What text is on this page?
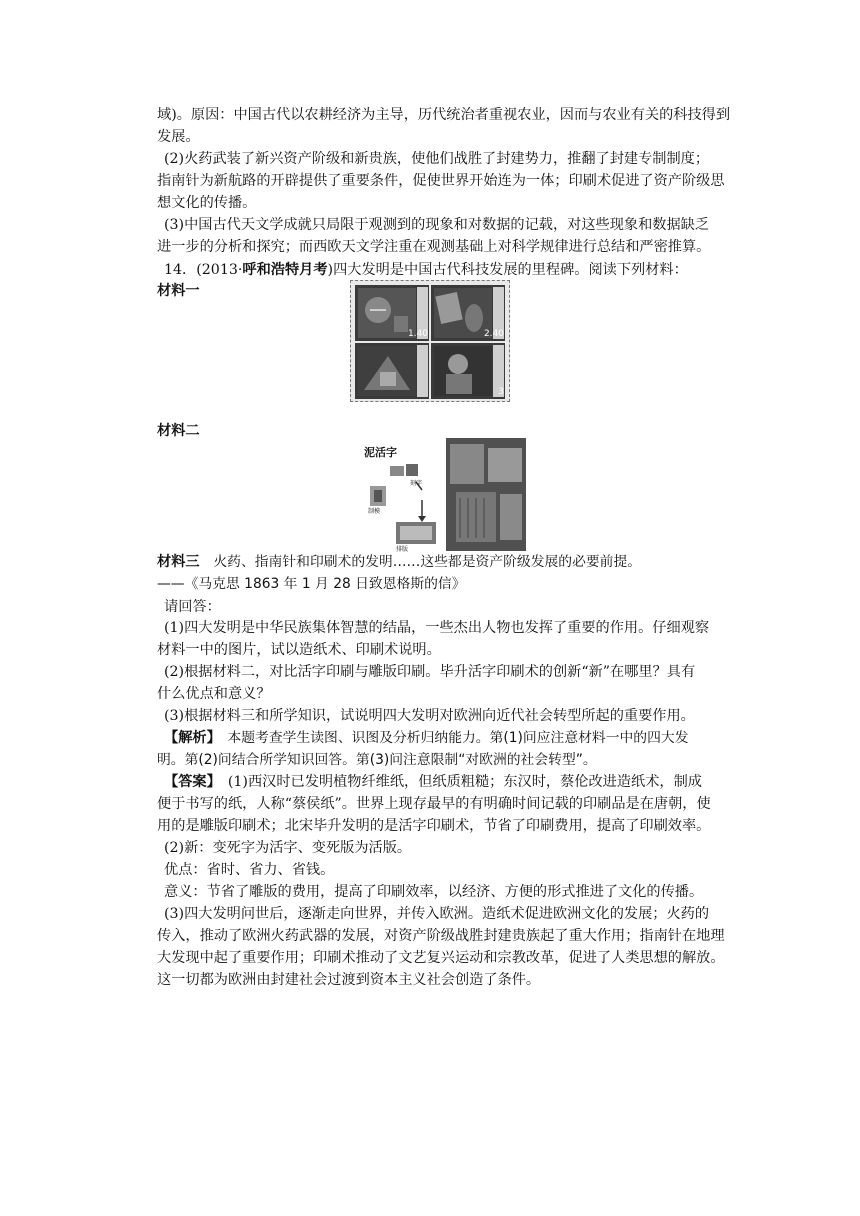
域)。原因：中国古代以农耕经济为主导，历代统治者重视农业，因而与农业有关的科技得到
发展。
(2)火药武装了新兴资产阶级和新贵族，使他们战胜了封建势力，推翻了封建专制制度；
指南针为新航路的开辟提供了重要条件，促使世界开始连为一体；印刷术促进了资产阶级思
想文化的传播。
(3)中国古代天文学成就只局限于观测到的现象和对数据的记载，对这些现象和数据缺乏
进一步的分析和探究；而西欧天文学注重在观测基础上对科学规律进行总结和严密推算。
14．(2013·呼和浩特月考)四大发明是中国古代科技发展的里程碑。阅读下列材料：
材料一
1.40	2.40
3
材料二
泥活字
刻字
制模
排版
材料三　火药、指南针和印刷术的发明……这些都是资产阶级发展的必要前提。
——《马克思 1863 年 1 月 28 日致恩格斯的信》
请回答：
(1)四大发明是中华民族集体智慧的结晶，一些杰出人物也发挥了重要的作用。仔细观察
材料一中的图片，试以造纸术、印刷术说明。
(2)根据材料二，对比活字印刷与雕版印刷。毕升活字印刷术的创新“新”在哪里？具有
什么优点和意义？
(3)根据材料三和所学知识，试说明四大发明对欧洲向近代社会转型所起的重要作用。
【解析】　本题考查学生读图、识图及分析归纳能力。第(1)问应注意材料一中的四大发
明。第(2)问结合所学知识回答。第(3)问注意限制“对欧洲的社会转型”。
【答案】　(1)西汉时已发明植物纤维纸，但纸质粗糙；东汉时，蔡伦改进造纸术，制成
便于书写的纸，人称“蔡侯纸”。世界上现存最早的有明确时间记载的印刷品是在唐朝，使
用的是雕版印刷术；北宋毕升发明的是活字印刷术，节省了印刷费用，提高了印刷效率。
(2)新：变死字为活字、变死版为活版。
优点：省时、省力、省钱。
意义：节省了雕版的费用，提高了印刷效率，以经济、方便的形式推进了文化的传播。
(3)四大发明问世后，逐渐走向世界，并传入欧洲。造纸术促进欧洲文化的发展；火药的
传入，推动了欧洲火药武器的发展，对资产阶级战胜封建贵族起了重大作用；指南针在地理
大发现中起了重要作用；印刷术推动了文艺复兴运动和宗教改革，促进了人类思想的解放。
这一切都为欧洲由封建社会过渡到资本主义社会创造了条件。
